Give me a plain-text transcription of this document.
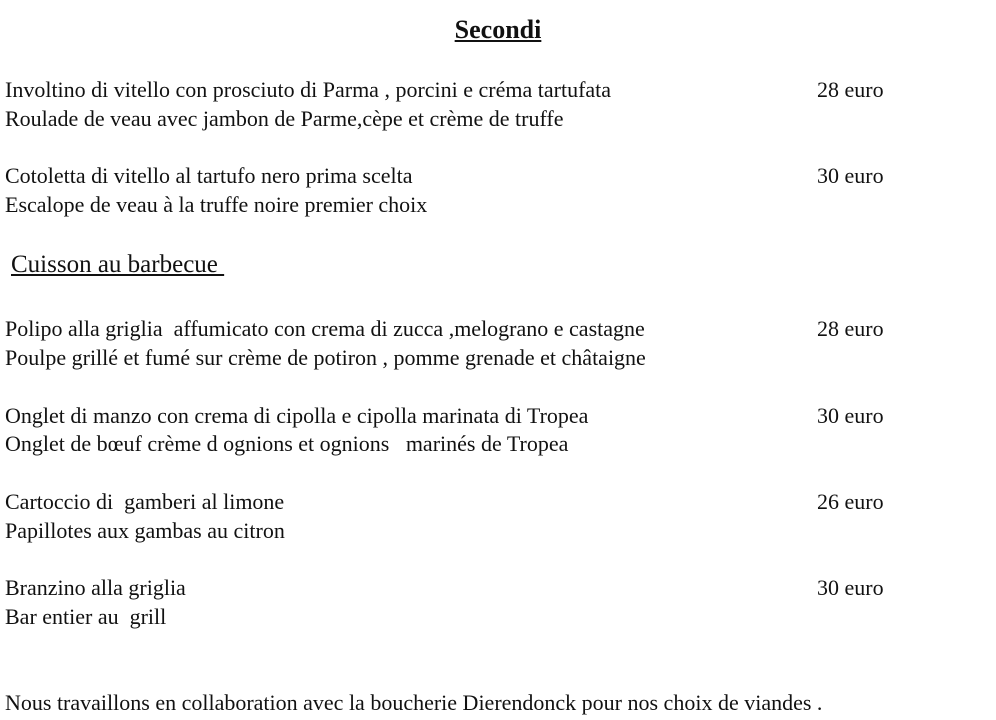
Secondi
Involtino di vitello con prosciuto di Parma , porcini e créma tartufata	28 euro
Roulade de veau avec jambon de Parme,cèpe et crème de truffe
Cotoletta di vitello al tartufo nero prima scelta	30 euro
Escalope de veau à la truffe noire premier choix
Cuisson au barbecue
Polipo alla griglia  affumicato con crema di zucca ,melograno e castagne	28 euro
Poulpe grillé et fumé sur crème de potiron , pomme grenade et châtaigne
Onglet di manzo con crema di cipolla e cipolla marinata di Tropea	30 euro
Onglet de bœuf crème d ognions et ognions   marinés de Tropea
Cartoccio di  gamberi al limone	26 euro
Papillotes aux gambas au citron
Branzino alla griglia	30 euro
Bar entier au  grill
Nous travaillons en collaboration avec la boucherie Dierendonck pour nos choix de viandes .
